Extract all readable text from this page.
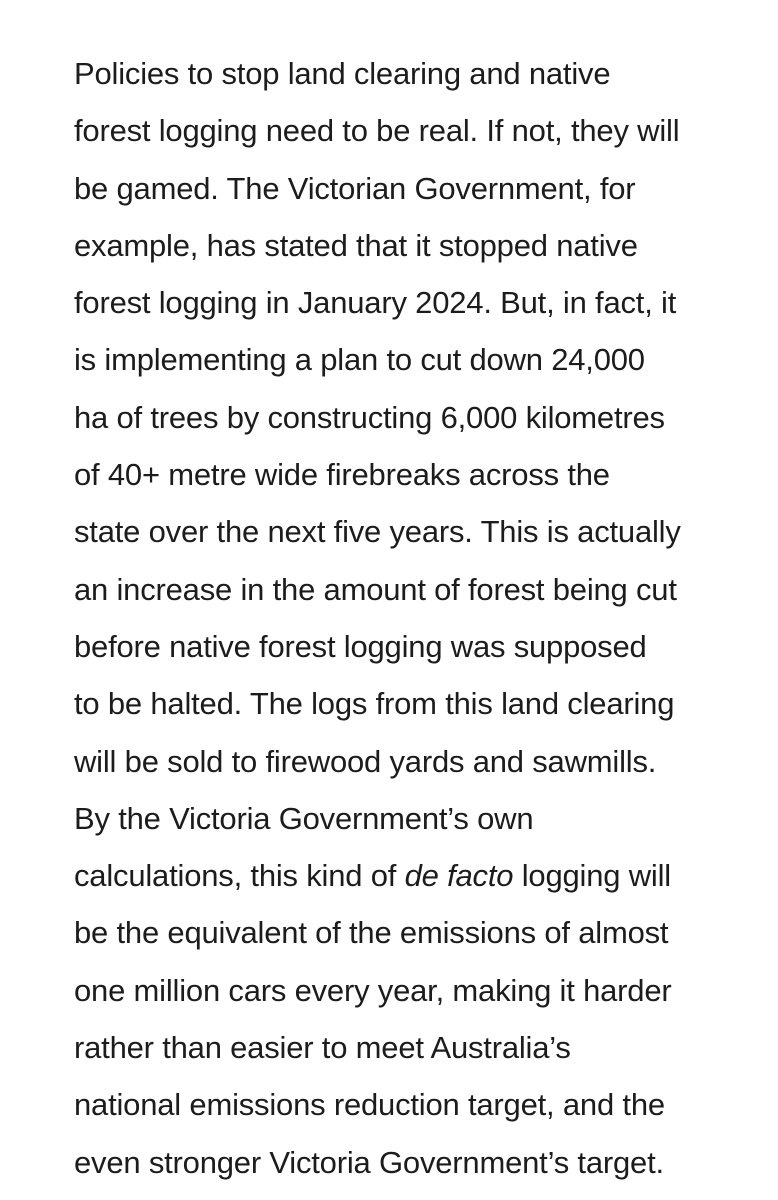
Policies to stop land clearing and native
forest logging need to be real. If not, they will
be gamed. The Victorian Government, for
example, has stated that it stopped native
forest logging in January 2024. But, in fact, it
is implementing a plan to cut down 24,000
ha of trees by constructing 6,000 kilometres
of 40+ metre wide firebreaks across the
state over the next five years. This is actually
an increase in the amount of forest being cut
before native forest logging was supposed
to be halted. The logs from this land clearing
will be sold to firewood yards and sawmills.
By the Victoria Government’s own
calculations, this kind of de facto logging will
be the equivalent of the emissions of almost
one million cars every year, making it harder
rather than easier to meet Australia’s
national emissions reduction target, and the
even stronger Victoria Government’s target.
